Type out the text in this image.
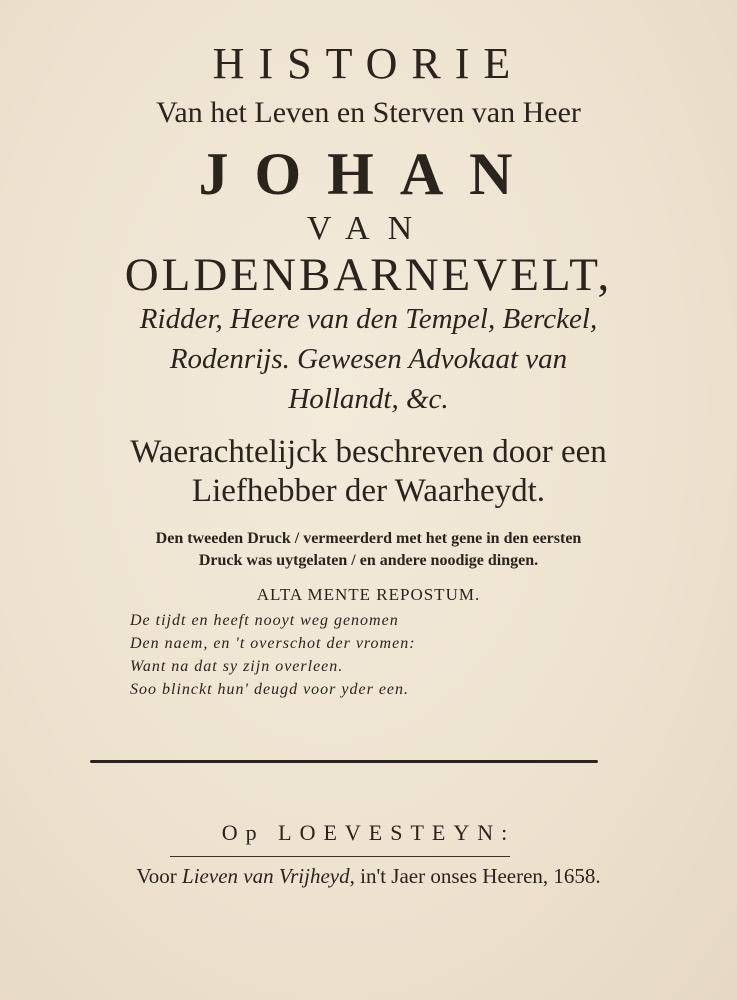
HISTORIE
Van het Leven en Sterven van Heer
JOHAN
VAN
OLDENBARNEVELT,
Ridder, Heere van den Tempel, Berckel,
Rodenrijs. Gewesen Advokaat van
Hollandt, &c.
Waerachtelijck beschreven door een
Liefhebber der Waarheydt.
Den tweeden Druck / vermeerderd met het gene in den eersten
Druck was uytgelaten / en andere noodige dingen.
ALTA MENTE REPOSTUM.
De tijdt en heeft nooyt weg genomen
Den naem, en 't overschot der vromen:
Want na dat sy zijn overleen.
Soo blinckt hun' deugd voor yder een.
Op LOEVESTEYN:
Voor Lieven van Vrijheyd, in't Jaer onses Heeren, 1658.
